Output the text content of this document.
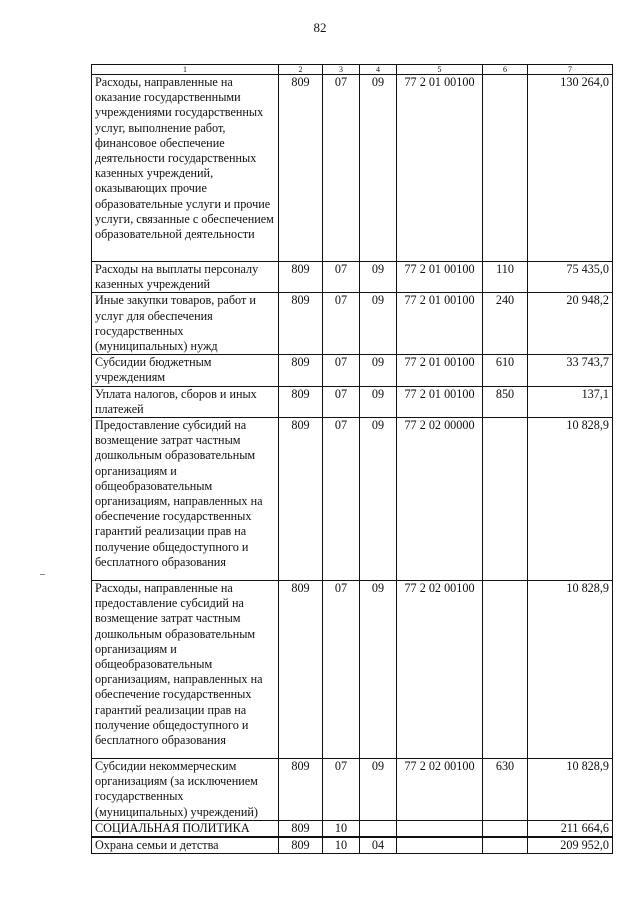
82
1	2	3	4	5	6	7
Расходы, направленные на оказание государственными учреждениями государственных услуг, выполнение работ, финансовое обеспечение деятельности государственных казенных учреждений, оказывающих прочие образовательные услуги и прочие услуги, связанные с обеспечением образовательной деятельности	809	07	09	77 2 01 00100		130 264,0
Расходы на выплаты персоналу казенных учреждений	809	07	09	77 2 01 00100	110	75 435,0
Иные закупки товаров, работ и услуг для обеспечения государственных (муниципальных) нужд	809	07	09	77 2 01 00100	240	20 948,2
Субсидии бюджетным учреждениям	809	07	09	77 2 01 00100	610	33 743,7
Уплата налогов, сборов и иных платежей	809	07	09	77 2 01 00100	850	137,1
Предоставление субсидий на возмещение затрат частным дошкольным образовательным организациям и общеобразовательным организациям, направленных на обеспечение государственных гарантий реализации прав на получение общедоступного и бесплатного образования	809	07	09	77 2 02 00000		10 828,9
Расходы, направленные на предоставление субсидий на возмещение затрат частным дошкольным образовательным организациям и общеобразовательным организациям, направленных на обеспечение государственных гарантий реализации прав на получение общедоступного и бесплатного образования	809	07	09	77 2 02 00100		10 828,9
Субсидии некоммерческим организациям (за исключением государственных (муниципальных) учреждений)	809	07	09	77 2 02 00100	630	10 828,9
СОЦИАЛЬНАЯ ПОЛИТИКА	809	10				211 664,6
Охрана семьи и детства	809	10	04			209 952,0
